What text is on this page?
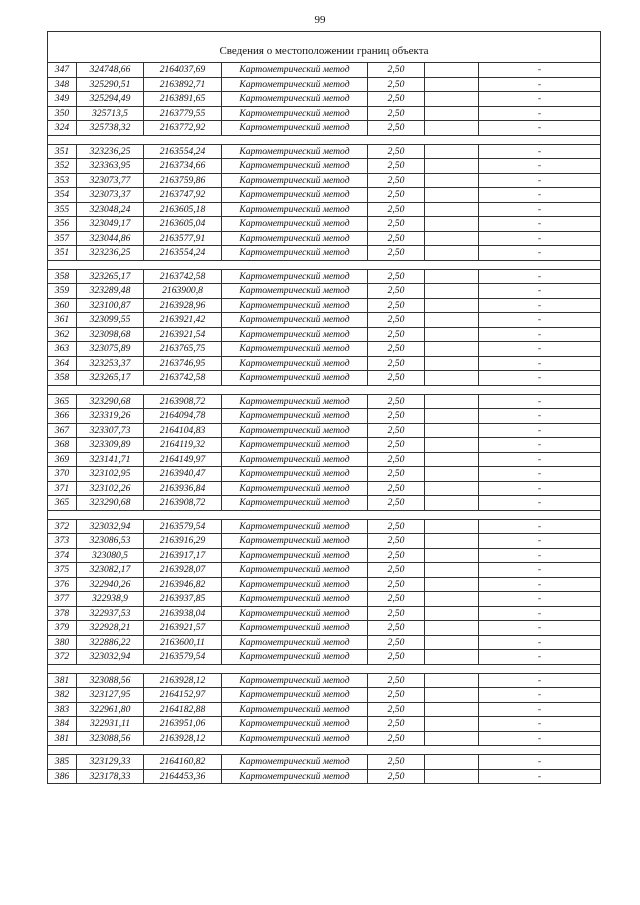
99
Сведения о местоположении границ объекта						
347	324748,66	2164037,69	Картометрический метод	2,50		-
348	325290,51	2163892,71	Картометрический метод	2,50		-
349	325294,49	2163891,65	Картометрический метод	2,50		-
350	325713,5	2163779,55	Картометрический метод	2,50		-
324	325738,32	2163772,92	Картометрический метод	2,50		-

351	323236,25	2163554,24	Картометрический метод	2,50		-
352	323363,95	2163734,66	Картометрический метод	2,50		-
353	323073,77	2163759,86	Картометрический метод	2,50		-
354	323073,37	2163747,92	Картометрический метод	2,50		-
355	323048,24	2163605,18	Картометрический метод	2,50		-
356	323049,17	2163605,04	Картометрический метод	2,50		-
357	323044,86	2163577,91	Картометрический метод	2,50		-
351	323236,25	2163554,24	Картометрический метод	2,50		-

358	323265,17	2163742,58	Картометрический метод	2,50		-
359	323289,48	2163900,8	Картометрический метод	2,50		-
360	323100,87	2163928,96	Картометрический метод	2,50		-
361	323099,55	2163921,42	Картометрический метод	2,50		-
362	323098,68	2163921,54	Картометрический метод	2,50		-
363	323075,89	2163765,75	Картометрический метод	2,50		-
364	323253,37	2163746,95	Картометрический метод	2,50		-
358	323265,17	2163742,58	Картометрический метод	2,50		-

365	323290,68	2163908,72	Картометрический метод	2,50		-
366	323319,26	2164094,78	Картометрический метод	2,50		-
367	323307,73	2164104,83	Картометрический метод	2,50		-
368	323309,89	2164119,32	Картометрический метод	2,50		-
369	323141,71	2164149,97	Картометрический метод	2,50		-
370	323102,95	2163940,47	Картометрический метод	2,50		-
371	323102,26	2163936,84	Картометрический метод	2,50		-
365	323290,68	2163908,72	Картометрический метод	2,50		-

372	323032,94	2163579,54	Картометрический метод	2,50		-
373	323086,53	2163916,29	Картометрический метод	2,50		-
374	323080,5	2163917,17	Картометрический метод	2,50		-
375	323082,17	2163928,07	Картометрический метод	2,50		-
376	322940,26	2163946,82	Картометрический метод	2,50		-
377	322938,9	2163937,85	Картометрический метод	2,50		-
378	322937,53	2163938,04	Картометрический метод	2,50		-
379	322928,21	2163921,57	Картометрический метод	2,50		-
380	322886,22	2163600,11	Картометрический метод	2,50		-
372	323032,94	2163579,54	Картометрический метод	2,50		-

381	323088,56	2163928,12	Картометрический метод	2,50		-
382	323127,95	2164152,97	Картометрический метод	2,50		-
383	322961,80	2164182,88	Картометрический метод	2,50		-
384	322931,11	2163951,06	Картометрический метод	2,50		-
381	323088,56	2163928,12	Картометрический метод	2,50		-

385	323129,33	2164160,82	Картометрический метод	2,50		-
386	323178,33	2164453,36	Картометрический метод	2,50		-
